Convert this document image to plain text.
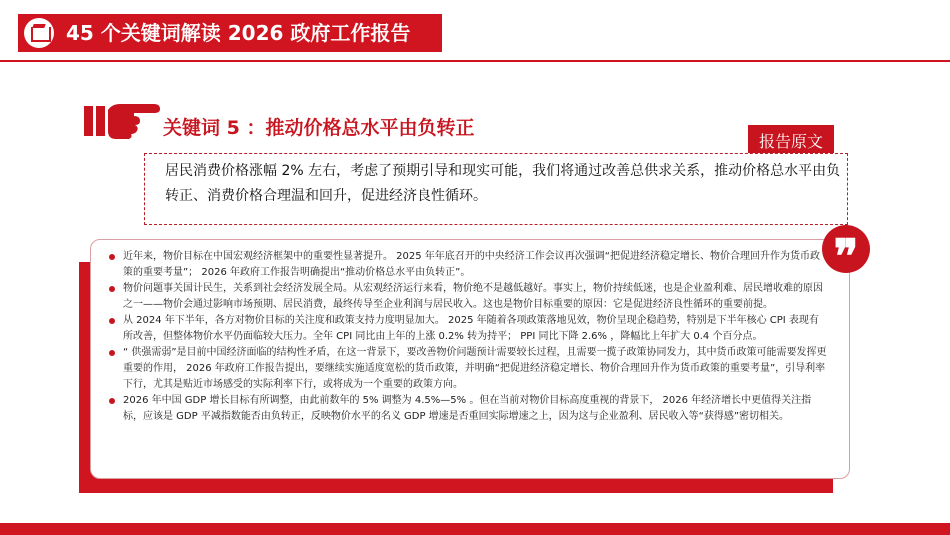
45 个关键词解读 2026 政府工作报告
关键词 5 ：推动价格总水平由负转正
报告原文
居民消费价格涨幅 2% 左右，考虑了预期引导和现实可能，我们将通过改善总供求关系，推动价格总水平由负转正、消费价格合理温和回升，促进经济良性循环。
近年来，物价目标在中国宏观经济框架中的重要性显著提升。 2025 年年底召开的中央经济工作会议再次强调“把促进经济稳定增长、物价合理回升作为货币政策的重要考量”； 2026 年政府工作报告明确提出“推动价格总水平由负转正”。
物价问题事关国计民生，关系到社会经济发展全局。从宏观经济运行来看，物价绝不是越低越好。事实上，物价持续低迷，也是企业盈利难、居民增收难的原因之一——物价会通过影响市场预期、居民消费，最终传导至企业利润与居民收入。这也是物价目标重要的原因：它是促进经济良性循环的重要前提。
从 2024 年下半年，各方对物价目标的关注度和政策支持力度明显加大。 2025 年随着各项政策落地见效，物价呈现企稳趋势，特别是下半年核心 CPI 表现有所改善，但整体物价水平仍面临较大压力。全年 CPI 同比由上年的上涨 0.2% 转为持平； PPI 同比下降 2.6% ，降幅比上年扩大 0.4 个百分点。
“ 供强需弱”是目前中国经济面临的结构性矛盾，在这一背景下，要改善物价问题预计需要较长过程，且需要一揽子政策协同发力，其中货币政策可能需要发挥更重要的作用， 2026 年政府工作报告提出，要继续实施适度宽松的货币政策，并明确“把促进经济稳定增长、物价合理回升作为货币政策的重要考量”，引导利率下行，尤其是贴近市场感受的实际利率下行，或将成为一个重要的政策方向。
2026 年中国 GDP 增长目标有所调整，由此前数年的 5% 调整为 4.5%—5% 。但在当前对物价目标高度重视的背景下， 2026 年经济增长中更值得关注指标，应该是 GDP 平减指数能否由负转正，反映物价水平的名义 GDP 增速是否重回实际增速之上，因为这与企业盈利、居民收入等“获得感”密切相关。
❞
